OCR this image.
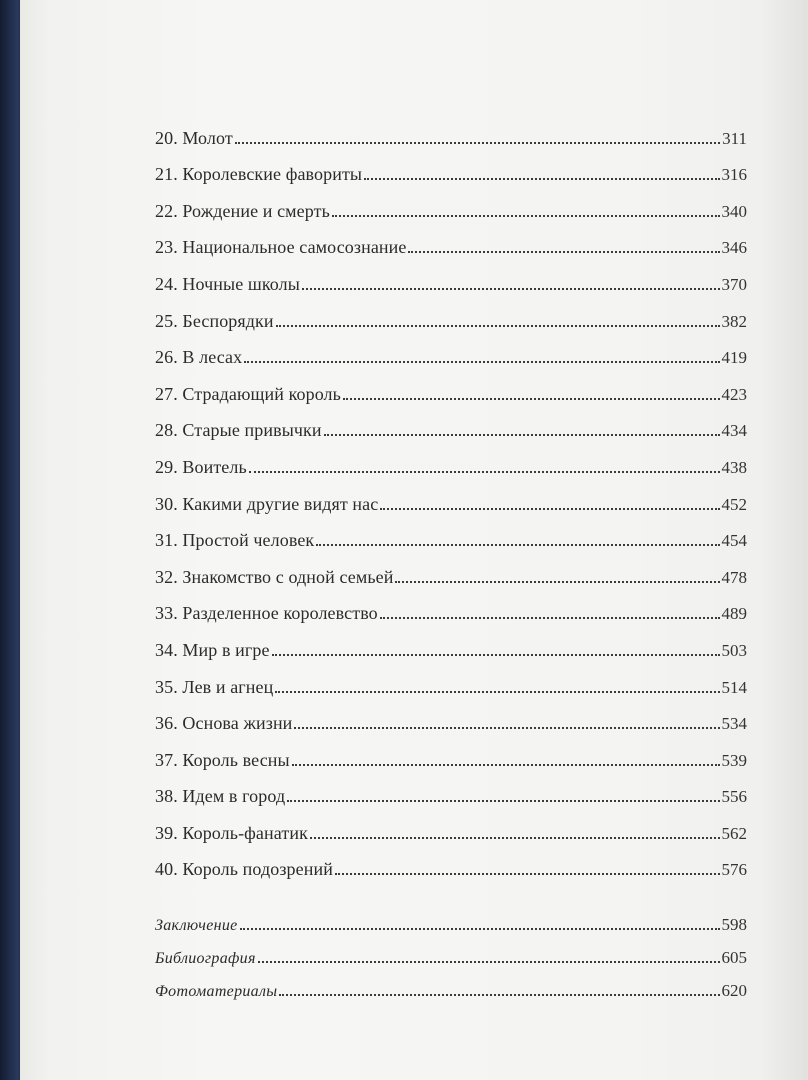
20. Молот	311
21. Королевские фавориты	316
22. Рождение и смерть	340
23. Национальное самосознание	346
24. Ночные школы	370
25. Беспорядки	382
26. В лесах	419
27. Страдающий король	423
28. Старые привычки	434
29. Воитель	438
30. Какими другие видят нас	452
31. Простой человек	454
32. Знакомство с одной семьей	478
33. Разделенное королевство	489
34. Мир в игре	503
35. Лев и агнец	514
36. Основа жизни	534
37. Король весны	539
38. Идем в город	556
39. Король-фанатик	562
40. Король подозрений	576
Заключение	598
Библиография	605
Фотоматериалы	620
